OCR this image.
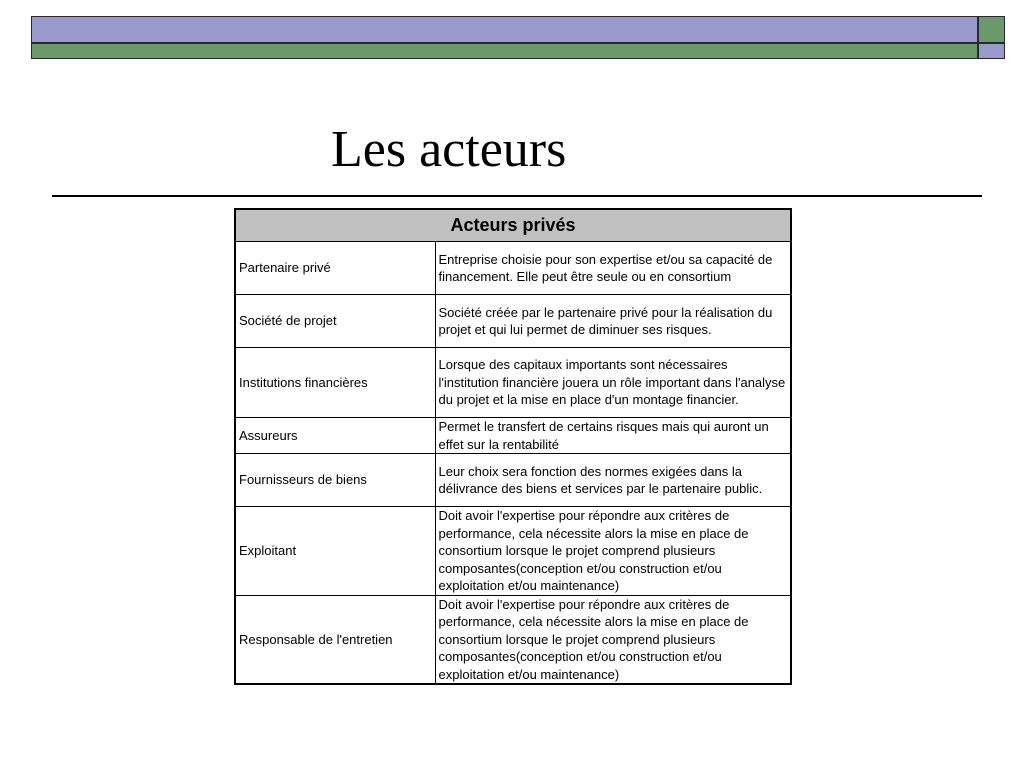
Les acteurs
Acteurs privés	
Partenaire privé	Entreprise choisie pour son expertise et/ou sa capacité de financement. Elle peut être seule ou en consortium
Société de projet	Société créée par le partenaire privé pour la réalisation du projet et qui lui permet de diminuer ses risques.
Institutions financières	Lorsque des capitaux importants sont nécessaires l'institution financière jouera un rôle important dans l'analyse du projet et la mise en place d'un montage financier.
Assureurs	Permet le transfert de certains risques mais qui auront un effet sur la rentabilité
Fournisseurs de biens	Leur choix sera fonction des normes exigées dans la délivrance des biens et services par le partenaire public.
Exploitant	Doit avoir l'expertise pour répondre aux critères de performance, cela nécessite alors la mise en place de consortium lorsque le projet comprend plusieurs composantes(conception et/ou construction et/ou exploitation et/ou maintenance)
Responsable de l'entretien	Doit avoir l'expertise pour répondre aux critères de performance, cela nécessite alors la mise en place de consortium lorsque le projet comprend plusieurs composantes(conception et/ou construction et/ou exploitation et/ou maintenance)
